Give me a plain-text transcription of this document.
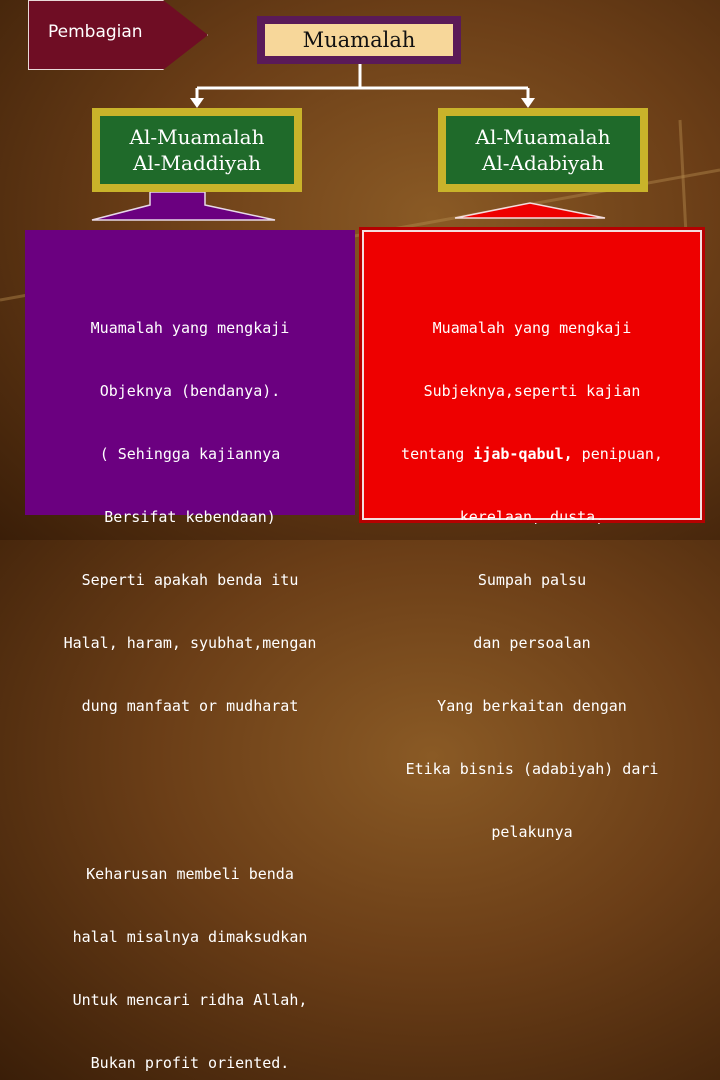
Pembagian	Muamalah
Al-Muamalah
Al-Maddiyah
Al-Muamalah
Al-Adabiyah

Muamalah yang mengkaji

Objeknya (bendanya).

( Sehingga kajiannya

Bersifat kebendaan)

Seperti apakah benda itu

Halal, haram, syubhat,mengan

dung manfaat or mudharat

Keharusan membeli benda

halal misalnya dimaksudkan

Untuk mencari ridha Allah,

Bukan profit oriented.

Muamalah yang mengkaji

Subjeknya,seperti kajian

tentang ijab-qabul, penipuan,

kerelaan, dusta,

Sumpah palsu

dan persoalan

Yang berkaitan dengan

Etika bisnis (adabiyah) dari

pelakunya
